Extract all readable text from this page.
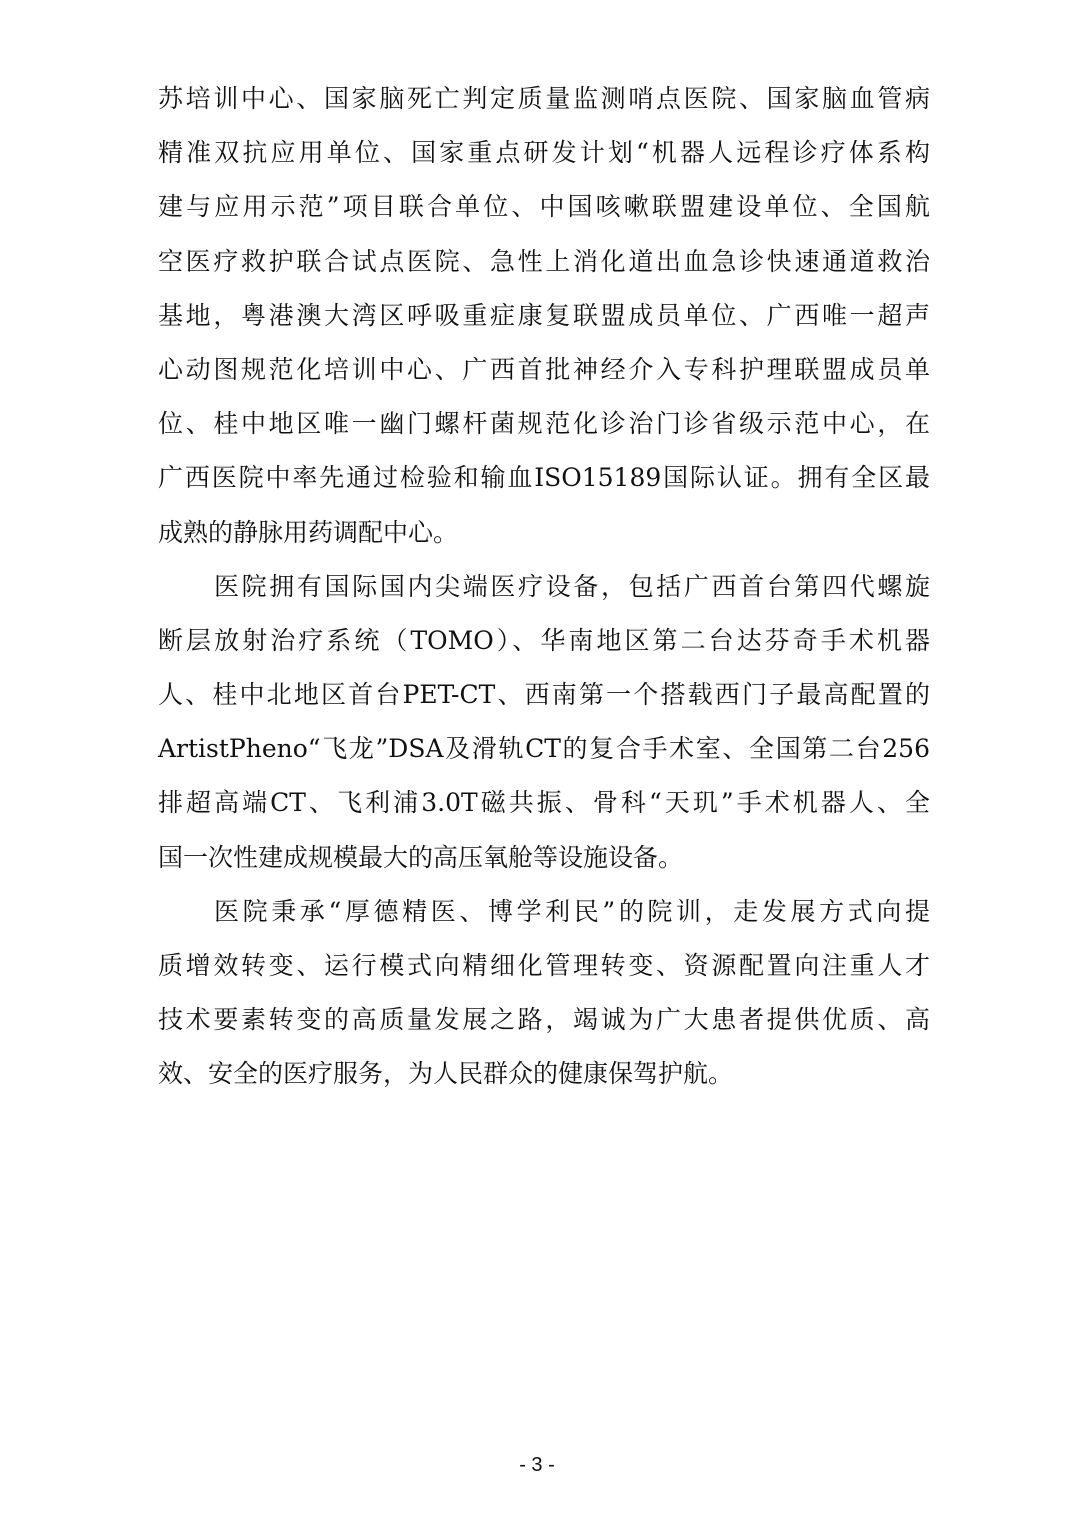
苏培训中心、国家脑死亡判定质量监测哨点医院、国家脑血管病
精准双抗应用单位、国家重点研发计划“机器人远程诊疗体系构
建与应用示范”项目联合单位、中国咳嗽联盟建设单位、全国航
空医疗救护联合试点医院、急性上消化道出血急诊快速通道救治
基地，粤港澳大湾区呼吸重症康复联盟成员单位、广西唯一超声
心动图规范化培训中心、广西首批神经介入专科护理联盟成员单
位、桂中地区唯一幽门螺杆菌规范化诊治门诊省级示范中心，在
广西医院中率先通过检验和输血ISO15189国际认证。拥有全区最
成熟的静脉用药调配中心。
医院拥有国际国内尖端医疗设备，包括广西首台第四代螺旋
断层放射治疗系统（TOMO）、华南地区第二台达芬奇手术机器
人、桂中北地区首台PET-CT、西南第一个搭载西门子最高配置的
ArtistPheno“飞龙”DSA及滑轨CT的复合手术室、全国第二台256
排超高端CT、飞利浦3.0T磁共振、骨科“天玑”手术机器人、全
国一次性建成规模最大的高压氧舱等设施设备。
医院秉承“厚德精医、博学利民”的院训，走发展方式向提
质增效转变、运行模式向精细化管理转变、资源配置向注重人才
技术要素转变的高质量发展之路，竭诚为广大患者提供优质、高
效、安全的医疗服务，为人民群众的健康保驾护航。
- 3 -
